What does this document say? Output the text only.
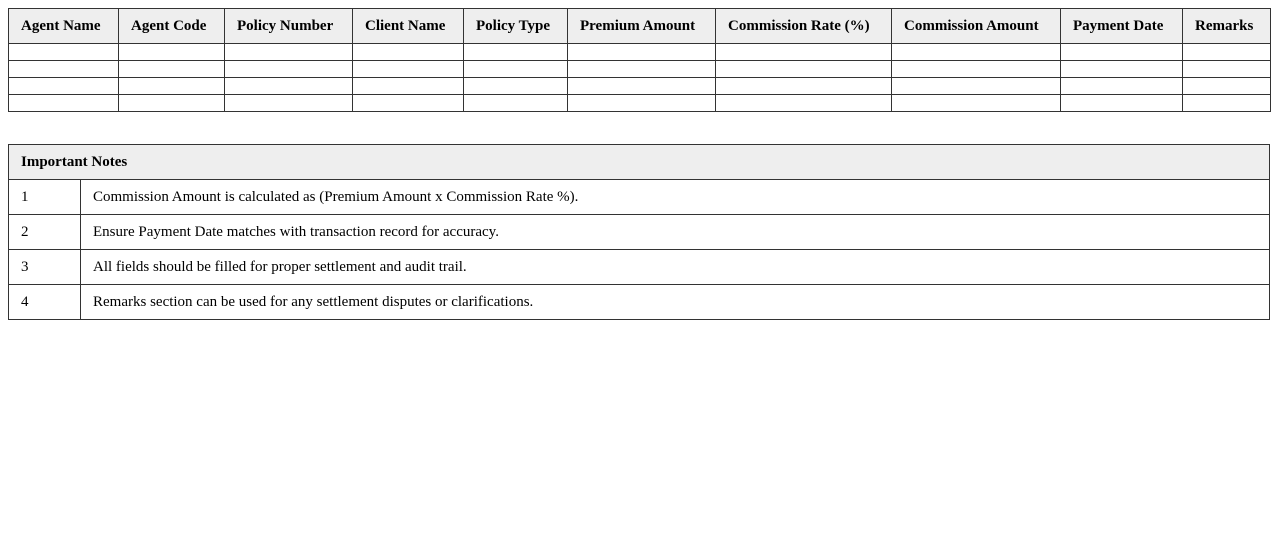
Agent Name	Agent Code	Policy Number	Client Name	Policy Type	Premium Amount	Commission Rate (%)	Commission Amount	Payment Date	Remarks

Important Notes	
1	Commission Amount is calculated as (Premium Amount x Commission Rate %).
2	Ensure Payment Date matches with transaction record for accuracy.
3	All fields should be filled for proper settlement and audit trail.
4	Remarks section can be used for any settlement disputes or clarifications.
